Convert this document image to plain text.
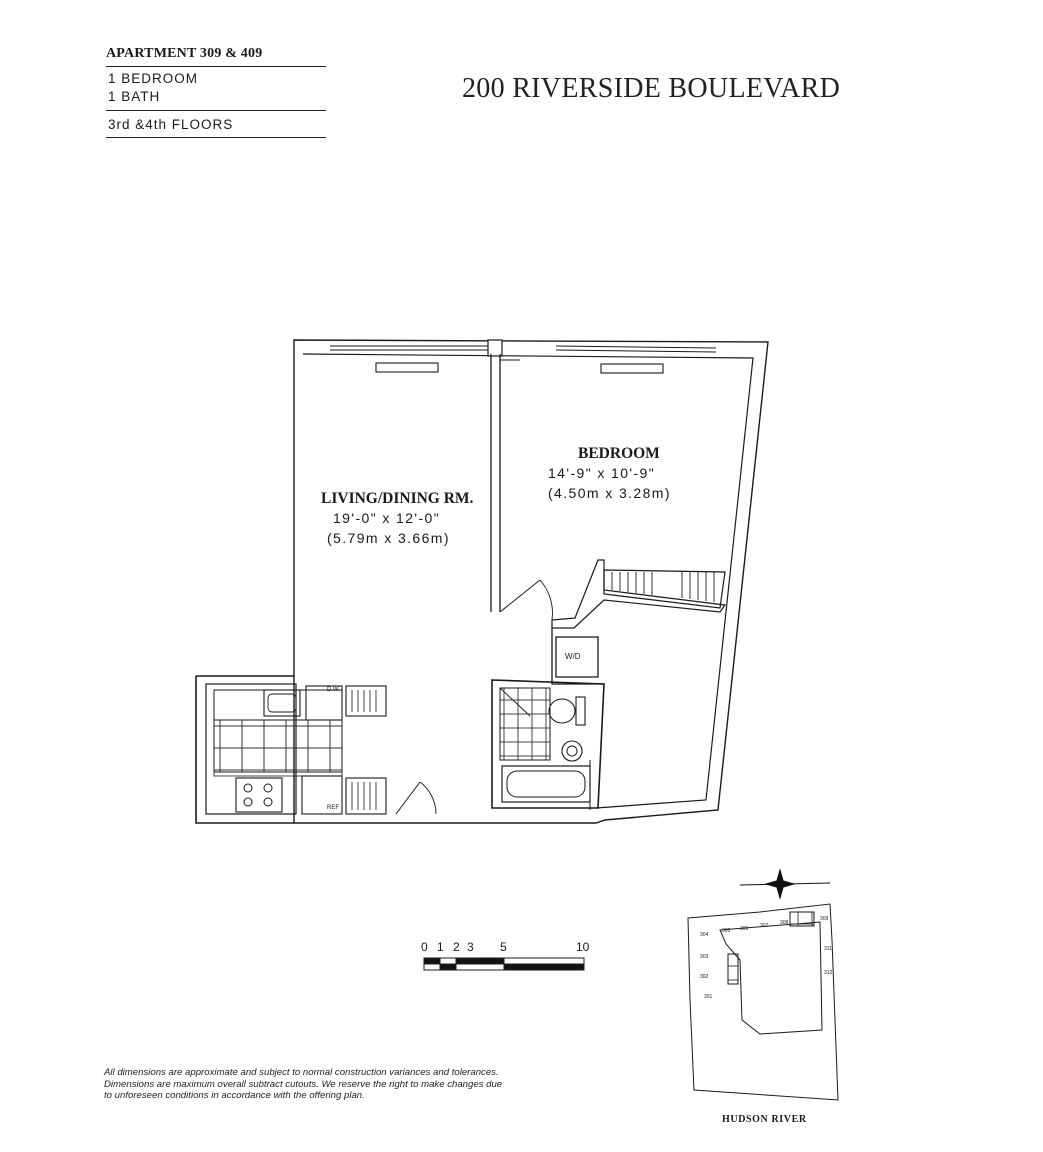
APARTMENT 309 & 409
1 BEDROOM
1 BATH
3rd &4th FLOORS
200 RIVERSIDE BOULEVARD
LIVING/DINING RM.
19'-0" x 12'-0"
(5.79m x 3.66m)
BEDROOM
14'-9" x 10'-9"
(4.50m x 3.28m)
W/D
D.W.
REF
0 1 2 3 5	10
304
305 306 307 308
309
311
312
303
302
301
All dimensions are approximate and subject to normal construction variances and tolerances.
Dimensions are maximum overall subtract cutouts. We reserve the right to make changes due
to unforeseen conditions in accordance with the offering plan.
HUDSON RIVER
